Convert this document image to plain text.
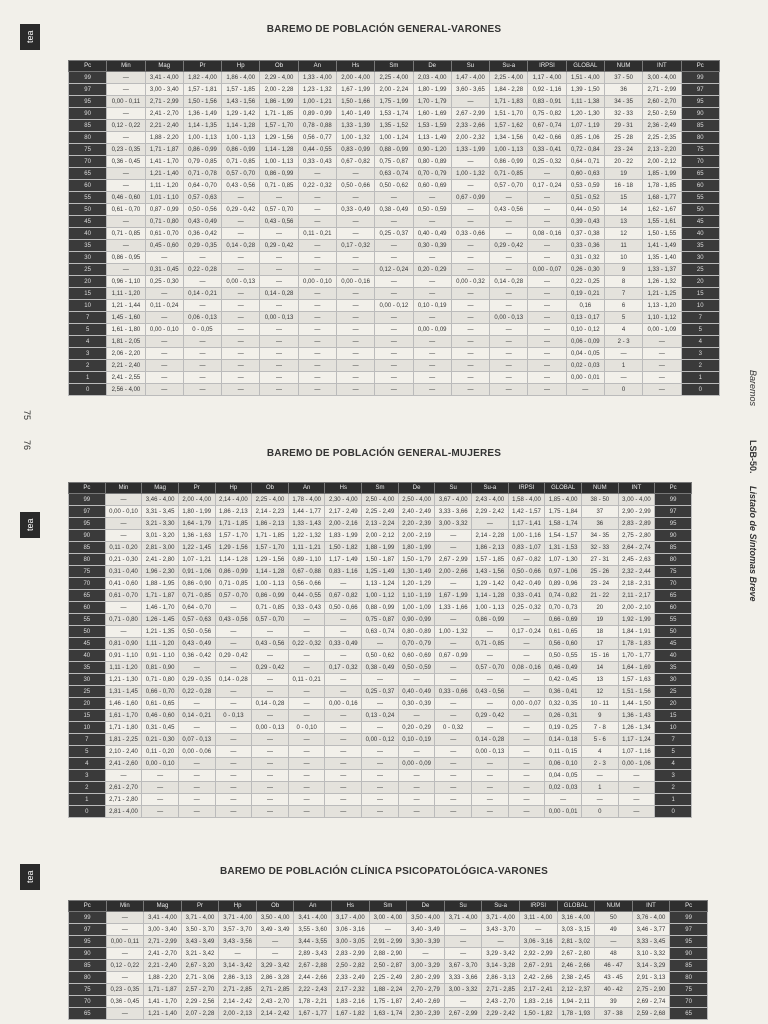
tea
tea
tea
BAREMO DE POBLACIÓN GENERAL-VARONES
Pc	Min	Mag	Pr	Hp	Ob	An	Hs	Sm	De	Su	Su-a	IRPSI	GLOBAL	NUM	INT	Pc
99	—	3,41 - 4,00	1,82 - 4,00	1,86 - 4,00	2,29 - 4,00	1,33 - 4,00	2,00 - 4,00	2,25 - 4,00	2,03 - 4,00	1,47 - 4,00	2,25 - 4,00	1,17 - 4,00	1,51 - 4,00	37 - 50	3,00 - 4,00	99
97	—	3,00 - 3,40	1,57 - 1,81	1,57 - 1,85	2,00 - 2,28	1,23 - 1,32	1,67 - 1,99	2,00 - 2,24	1,80 - 1,99	3,60 - 3,65	1,84 - 2,28	0,92 - 1,16	1,39 - 1,50	36	2,71 - 2,99	97
95	0,00 - 0,11	2,71 - 2,99	1,50 - 1,56	1,43 - 1,56	1,86 - 1,99	1,00 - 1,21	1,50 - 1,66	1,75 - 1,99	1,70 - 1,79	—	1,71 - 1,83	0,83 - 0,91	1,11 - 1,38	34 - 35	2,60 - 2,70	95
90	—	2,41 - 2,70	1,36 - 1,49	1,29 - 1,42	1,71 - 1,85	0,89 - 0,99	1,40 - 1,49	1,53 - 1,74	1,60 - 1,69	2,67 - 2,99	1,51 - 1,70	0,75 - 0,82	1,20 - 1,30	32 - 33	2,50 - 2,59	90
85	0,12 - 0,22	2,21 - 2,40	1,14 - 1,35	1,14 - 1,28	1,57 - 1,70	0,78 - 0,88	1,33 - 1,39	1,35 - 1,52	1,53 - 1,59	2,33 - 2,66	1,57 - 1,62	0,67 - 0,74	1,07 - 1,19	29 - 31	2,36 - 2,49	85
80	—	1,88 - 2,20	1,00 - 1,13	1,00 - 1,13	1,29 - 1,56	0,56 - 0,77	1,00 - 1,32	1,00 - 1,24	1,13 - 1,49	2,00 - 2,32	1,34 - 1,56	0,42 - 0,66	0,85 - 1,06	25 - 28	2,25 - 2,35	80
75	0,23 - 0,35	1,71 - 1,87	0,86 - 0,99	0,86 - 0,99	1,14 - 1,28	0,44 - 0,55	0,83 - 0,99	0,88 - 0,99	0,90 - 1,20	1,33 - 1,99	1,00 - 1,13	0,33 - 0,41	0,72 - 0,84	23 - 24	2,13 - 2,20	75
70	0,36 - 0,45	1,41 - 1,70	0,79 - 0,85	0,71 - 0,85	1,00 - 1,13	0,33 - 0,43	0,67 - 0,82	0,75 - 0,87	0,80 - 0,89	—	0,86 - 0,99	0,25 - 0,32	0,64 - 0,71	20 - 22	2,00 - 2,12	70
65	—	1,21 - 1,40	0,71 - 0,78	0,57 - 0,70	0,86 - 0,99	—	—	0,63 - 0,74	0,70 - 0,79	1,00 - 1,32	0,71 - 0,85	—	0,60 - 0,63	19	1,85 - 1,99	65
60	—	1,11 - 1,20	0,64 - 0,70	0,43 - 0,56	0,71 - 0,85	0,22 - 0,32	0,50 - 0,66	0,50 - 0,62	0,60 - 0,69	—	0,57 - 0,70	0,17 - 0,24	0,53 - 0,59	16 - 18	1,78 - 1,85	60
55	0,46 - 0,60	1,01 - 1,10	0,57 - 0,63	—	—	—	—	—	—	0,67 - 0,99	—	—	0,51 - 0,52	15	1,68 - 1,77	55
50	0,61 - 0,70	0,87 - 0,99	0,50 - 0,56	0,29 - 0,42	0,57 - 0,70	—	0,33 - 0,49	0,38 - 0,49	0,50 - 0,59	—	0,43 - 0,56	—	0,44 - 0,50	14	1,62 - 1,67	50
45	—	0,71 - 0,80	0,43 - 0,49	—	0,43 - 0,56	—	—	—	—	—	—	—	0,39 - 0,43	13	1,55 - 1,61	45
40	0,71 - 0,85	0,61 - 0,70	0,36 - 0,42	—	—	0,11 - 0,21	—	0,25 - 0,37	0,40 - 0,49	0,33 - 0,66	—	0,08 - 0,16	0,37 - 0,38	12	1,50 - 1,55	40
35	—	0,45 - 0,60	0,29 - 0,35	0,14 - 0,28	0,29 - 0,42	—	0,17 - 0,32	—	0,30 - 0,39	—	0,29 - 0,42	—	0,33 - 0,36	11	1,41 - 1,49	35
30	0,86 - 0,95	—	—	—	—	—	—	—	—	—	—	—	0,31 - 0,32	10	1,35 - 1,40	30
25	—	0,31 - 0,45	0,22 - 0,28	—	—	—	—	0,12 - 0,24	0,20 - 0,29	—	—	0,00 - 0,07	0,26 - 0,30	9	1,33 - 1,37	25
20	0,96 - 1,10	0,25 - 0,30	—	0,00 - 0,13	—	0,00 - 0,10	0,00 - 0,16	—	—	0,00 - 0,32	0,14 - 0,28	—	0,22 - 0,25	8	1,26 - 1,32	20
15	1,11 - 1,20	—	0,14 - 0,21	—	0,14 - 0,28	—	—	—	—	—	—	—	0,19 - 0,21	7	1,21 - 1,25	15
10	1,21 - 1,44	0,11 - 0,24	—	—	—	—	—	0,00 - 0,12	0,10 - 0,19	—	—	—	0,16	6	1,13 - 1,20	10
7	1,45 - 1,60	—	0,06 - 0,13	—	0,00 - 0,13	—	—	—	—	—	0,00 - 0,13	—	0,13 - 0,17	5	1,10 - 1,12	7
5	1,61 - 1,80	0,00 - 0,10	0 - 0,05	—	—	—	—	—	0,00 - 0,09	—	—	—	0,10 - 0,12	4	0,00 - 1,09	5
4	1,81 - 2,05	—	—	—	—	—	—	—	—	—	—	—	0,06 - 0,09	2 - 3	—	4
3	2,06 - 2,20	—	—	—	—	—	—	—	—	—	—	—	0,04 - 0,05	—	—	3
2	2,21 - 2,40	—	—	—	—	—	—	—	—	—	—	—	0,02 - 0,03	1	—	2
1	2,41 - 2,55	—	—	—	—	—	—	—	—	—	—	—	0,00 - 0,01	—	—	1
0	2,56 - 4,00	—	—	—	—	—	—	—	—	—	—	—	—	0	—	0
BAREMO DE POBLACIÓN GENERAL-MUJERES
Pc	Min	Mag	Pr	Hp	Ob	An	Hs	Sm	De	Su	Su-a	IRPSI	GLOBAL	NUM	INT	Pc
99	—	3,46 - 4,00	2,00 - 4,00	2,14 - 4,00	2,25 - 4,00	1,78 - 4,00	2,30 - 4,00	2,50 - 4,00	2,50 - 4,00	3,67 - 4,00	2,43 - 4,00	1,58 - 4,00	1,85 - 4,00	38 - 50	3,00 - 4,00	99
97	0,00 - 0,10	3,31 - 3,45	1,80 - 1,99	1,86 - 2,13	2,14 - 2,23	1,44 - 1,77	2,17 - 2,49	2,25 - 2,49	2,40 - 2,49	3,33 - 3,66	2,29 - 2,42	1,42 - 1,57	1,75 - 1,84	37	2,90 - 2,99	97
95	—	3,21 - 3,30	1,64 - 1,79	1,71 - 1,85	1,86 - 2,13	1,33 - 1,43	2,00 - 2,16	2,13 - 2,24	2,20 - 2,39	3,00 - 3,32	—	1,17 - 1,41	1,58 - 1,74	36	2,83 - 2,89	95
90	—	3,01 - 3,20	1,36 - 1,63	1,57 - 1,70	1,71 - 1,85	1,22 - 1,32	1,83 - 1,99	2,00 - 2,12	2,00 - 2,19	—	2,14 - 2,28	1,00 - 1,16	1,54 - 1,57	34 - 35	2,75 - 2,80	90
85	0,11 - 0,20	2,81 - 3,00	1,22 - 1,45	1,29 - 1,56	1,57 - 1,70	1,11 - 1,21	1,50 - 1,82	1,88 - 1,99	1,80 - 1,99	—	1,86 - 2,13	0,83 - 1,07	1,31 - 1,53	32 - 33	2,64 - 2,74	85
80	0,21 - 0,30	2,41 - 2,80	1,07 - 1,21	1,14 - 1,28	1,29 - 1,56	0,89 - 1,10	1,17 - 1,49	1,50 - 1,87	1,50 - 1,79	2,67 - 2,99	1,57 - 1,85	0,67 - 0,82	1,07 - 1,30	27 - 31	2,45 - 2,63	80
75	0,31 - 0,40	1,96 - 2,30	0,91 - 1,06	0,86 - 0,99	1,14 - 1,28	0,67 - 0,88	0,83 - 1,16	1,25 - 1,49	1,30 - 1,49	2,00 - 2,66	1,43 - 1,56	0,50 - 0,66	0,97 - 1,06	25 - 26	2,32 - 2,44	75
70	0,41 - 0,60	1,88 - 1,95	0,86 - 0,90	0,71 - 0,85	1,00 - 1,13	0,56 - 0,66	—	1,13 - 1,24	1,20 - 1,29	—	1,29 - 1,42	0,42 - 0,49	0,89 - 0,96	23 - 24	2,18 - 2,31	70
65	0,61 - 0,70	1,71 - 1,87	0,71 - 0,85	0,57 - 0,70	0,86 - 0,99	0,44 - 0,55	0,67 - 0,82	1,00 - 1,12	1,10 - 1,19	1,67 - 1,99	1,14 - 1,28	0,33 - 0,41	0,74 - 0,82	21 - 22	2,11 - 2,17	65
60	—	1,46 - 1,70	0,64 - 0,70	—	0,71 - 0,85	0,33 - 0,43	0,50 - 0,66	0,88 - 0,99	1,00 - 1,09	1,33 - 1,66	1,00 - 1,13	0,25 - 0,32	0,70 - 0,73	20	2,00 - 2,10	60
55	0,71 - 0,80	1,26 - 1,45	0,57 - 0,63	0,43 - 0,56	0,57 - 0,70	—	—	0,75 - 0,87	0,90 - 0,99	—	0,86 - 0,99	—	0,66 - 0,69	19	1,92 - 1,99	55
50	—	1,21 - 1,35	0,50 - 0,56	—	—	—	—	0,63 - 0,74	0,80 - 0,89	1,00 - 1,32	—	0,17 - 0,24	0,61 - 0,65	18	1,84 - 1,91	50
45	0,81 - 0,90	1,11 - 1,20	0,43 - 0,49	—	0,43 - 0,56	0,22 - 0,32	0,33 - 0,49	—	0,70 - 0,79	—	0,71 - 0,85	—	0,56 - 0,60	17	1,78 - 1,83	45
40	0,91 - 1,10	0,91 - 1,10	0,36 - 0,42	0,29 - 0,42	—	—	—	0,50 - 0,62	0,60 - 0,69	0,67 - 0,99	—	—	0,50 - 0,55	15 - 16	1,70 - 1,77	40
35	1,11 - 1,20	0,81 - 0,90	—	—	0,29 - 0,42	—	0,17 - 0,32	0,38 - 0,49	0,50 - 0,59	—	0,57 - 0,70	0,08 - 0,16	0,46 - 0,49	14	1,64 - 1,69	35
30	1,21 - 1,30	0,71 - 0,80	0,29 - 0,35	0,14 - 0,28	—	0,11 - 0,21	—	—	—	—	—	—	0,42 - 0,45	13	1,57 - 1,63	30
25	1,31 - 1,45	0,66 - 0,70	0,22 - 0,28	—	—	—	—	0,25 - 0,37	0,40 - 0,49	0,33 - 0,66	0,43 - 0,56	—	0,36 - 0,41	12	1,51 - 1,56	25
20	1,46 - 1,60	0,61 - 0,65	—	—	0,14 - 0,28	—	0,00 - 0,16	—	0,30 - 0,39	—	—	0,00 - 0,07	0,32 - 0,35	10 - 11	1,44 - 1,50	20
15	1,61 - 1,70	0,46 - 0,60	0,14 - 0,21	0 - 0,13	—	—	—	0,13 - 0,24	—	—	0,29 - 0,42	—	0,26 - 0,31	9	1,36 - 1,43	15
10	1,71 - 1,80	0,31 - 0,45	—	—	0,00 - 0,13	0 - 0,10	—	—	0,20 - 0,29	0 - 0,32	—	—	0,19 - 0,25	7 - 8	1,26 - 1,34	10
7	1,81 - 2,25	0,21 - 0,30	0,07 - 0,13	—	—	—	—	0,00 - 0,12	0,10 - 0,19	—	0,14 - 0,28	—	0,14 - 0,18	5 - 6	1,17 - 1,24	7
5	2,10 - 2,40	0,11 - 0,20	0,00 - 0,06	—	—	—	—	—	—	—	0,00 - 0,13	—	0,11 - 0,15	4	1,07 - 1,16	5
4	2,41 - 2,60	0,00 - 0,10	—	—	—	—	—	—	0,00 - 0,09	—	—	—	0,06 - 0,10	2 - 3	0,00 - 1,06	4
3	—	—	—	—	—	—	—	—	—	—	—	—	0,04 - 0,05	—	—	3
2	2,61 - 2,70	—	—	—	—	—	—	—	—	—	—	—	0,02 - 0,03	1	—	2
1	2,71 - 2,80	—	—	—	—	—	—	—	—	—	—	—	—	—	—	1
0	2,81 - 4,00	—	—	—	—	—	—	—	—	—	—	—	0,00 - 0,01	0	—	0
BAREMO DE POBLACIÓN CLÍNICA PSICOPATOLÓGICA-VARONES
Pc	Min	Mag	Pr	Hp	Ob	An	Hs	Sm	De	Su	Su-a	IRPSI	GLOBAL	NUM	INT	Pc
99	—	3,41 - 4,00	3,71 - 4,00	3,71 - 4,00	3,50 - 4,00	3,41 - 4,00	3,17 - 4,00	3,00 - 4,00	3,50 - 4,00	3,71 - 4,00	3,71 - 4,00	3,11 - 4,00	3,16 - 4,00	50	3,76 - 4,00	99
97	—	3,00 - 3,40	3,50 - 3,70	3,57 - 3,70	3,49 - 3,49	3,55 - 3,60	3,06 - 3,16	—	3,40 - 3,49	—	3,43 - 3,70	—	3,03 - 3,15	49	3,46 - 3,77	97
95	0,00 - 0,11	2,71 - 2,99	3,43 - 3,49	3,43 - 3,56	—	3,44 - 3,55	3,00 - 3,05	2,91 - 2,99	3,30 - 3,39	—	—	3,06 - 3,16	2,81 - 3,02	—	3,33 - 3,45	95
90	—	2,41 - 2,70	3,21 - 3,42	—	—	2,89 - 3,43	2,83 - 2,99	2,88 - 2,90	—	—	3,29 - 3,42	2,92 - 2,99	2,67 - 2,80	48	3,10 - 3,32	90
85	0,12 - 0,22	2,21 - 2,40	2,67 - 3,20	3,14 - 3,42	3,29 - 3,42	2,67 - 2,88	2,50 - 2,82	2,50 - 2,87	3,00 - 3,29	3,67 - 3,70	3,14 - 3,28	2,67 - 2,91	2,46 - 2,66	46 - 47	3,14 - 3,29	85
80	—	1,88 - 2,20	2,71 - 3,06	2,86 - 3,13	2,86 - 3,28	2,44 - 2,66	2,33 - 2,49	2,25 - 2,49	2,80 - 2,99	3,33 - 3,66	2,86 - 3,13	2,42 - 2,66	2,38 - 2,45	43 - 45	2,91 - 3,13	80
75	0,23 - 0,35	1,71 - 1,87	2,57 - 2,70	2,71 - 2,85	2,71 - 2,85	2,22 - 2,43	2,17 - 2,32	1,88 - 2,24	2,70 - 2,79	3,00 - 3,32	2,71 - 2,85	2,17 - 2,41	2,12 - 2,37	40 - 42	2,75 - 2,90	75
70	0,36 - 0,45	1,41 - 1,70	2,29 - 2,56	2,14 - 2,42	2,43 - 2,70	1,78 - 2,21	1,83 - 2,16	1,75 - 1,87	2,40 - 2,69	—	2,43 - 2,70	1,83 - 2,16	1,94 - 2,11	39	2,69 - 2,74	70
65	—	1,21 - 1,40	2,07 - 2,28	2,00 - 2,13	2,14 - 2,42	1,67 - 1,77	1,67 - 1,82	1,63 - 1,74	2,30 - 2,39	2,67 - 2,99	2,29 - 2,42	1,50 - 1,82	1,78 - 1,93	37 - 38	2,59 - 2,68	65
75
76
Baremos
LSB-50.
Listado de Síntomas Breve
